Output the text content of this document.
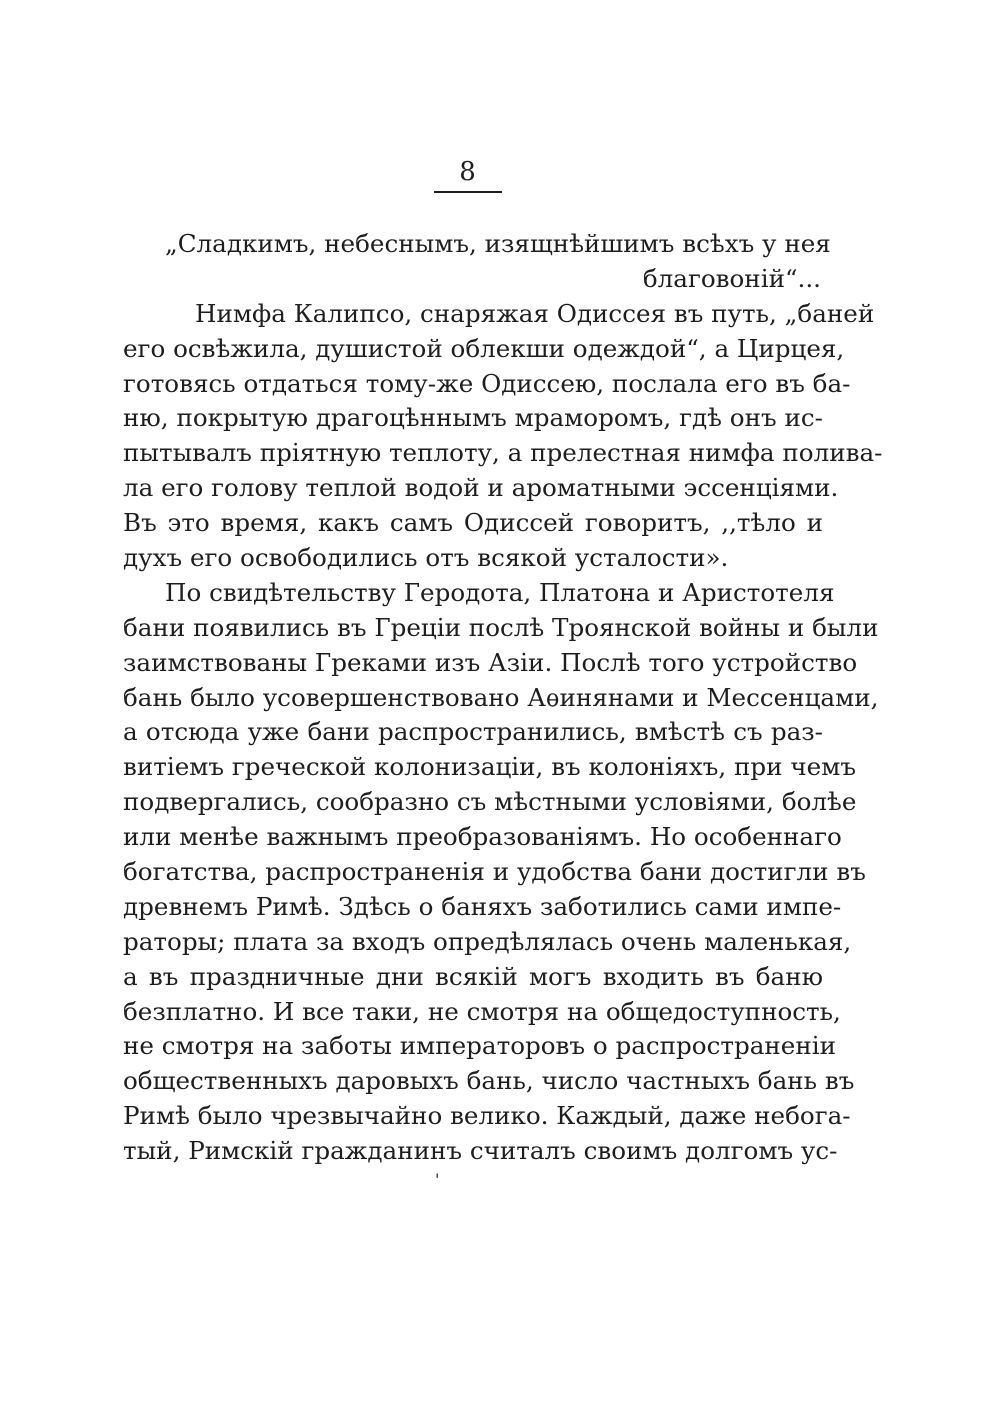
8
„Сладкимъ, небеснымъ, изящнѣйшимъ всѣхъ у нея
благовоній“...
Нимфа Калипсо, снаряжая Одиссея въ путь, „баней
его освѣжила, душистой облекши одеждой“, а Цирцея,
готовясь отдаться тому-же Одиссею, послала его въ ба-
ню, покрытую драгоцѣннымъ мраморомъ, гдѣ онъ ис-
пытывалъ пріятную теплоту, а прелестная нимфа полива-
ла его голову теплой водой и ароматными эссенціями.
Въ это время, какъ самъ Одиссей говоритъ, ,,тѣло и
духъ его освободились отъ всякой усталости».
По свидѣтельству Геродота, Платона и Аристотеля
бани появились въ Греціи послѣ Троянской войны и были
заимствованы Греками изъ Азіи. Послѣ того устройство
бань было усовершенствовано Аѳинянами и Мессенцами,
а отсюда уже бани распространились, вмѣстѣ съ раз-
витіемъ греческой колонизаціи, въ колоніяхъ, при чемъ
подвергались, сообразно съ мѣстными условіями, болѣе
или менѣе важнымъ преобразованіямъ. Но особеннаго
богатства, распространенія и удобства бани достигли въ
древнемъ Римѣ. Здѣсь о баняхъ заботились сами импе-
раторы; плата за входъ опредѣлялась очень маленькая,
а въ праздничные дни всякій могъ входить въ баню
безплатно. И все таки, не смотря на общедоступность,
не смотря на заботы императоровъ о распространеніи
общественныхъ даровыхъ бань, число частныхъ бань въ
Римѣ было чрезвычайно велико. Каждый, даже небога-
тый, Римскій гражданинъ считалъ своимъ долгомъ ус-
'
